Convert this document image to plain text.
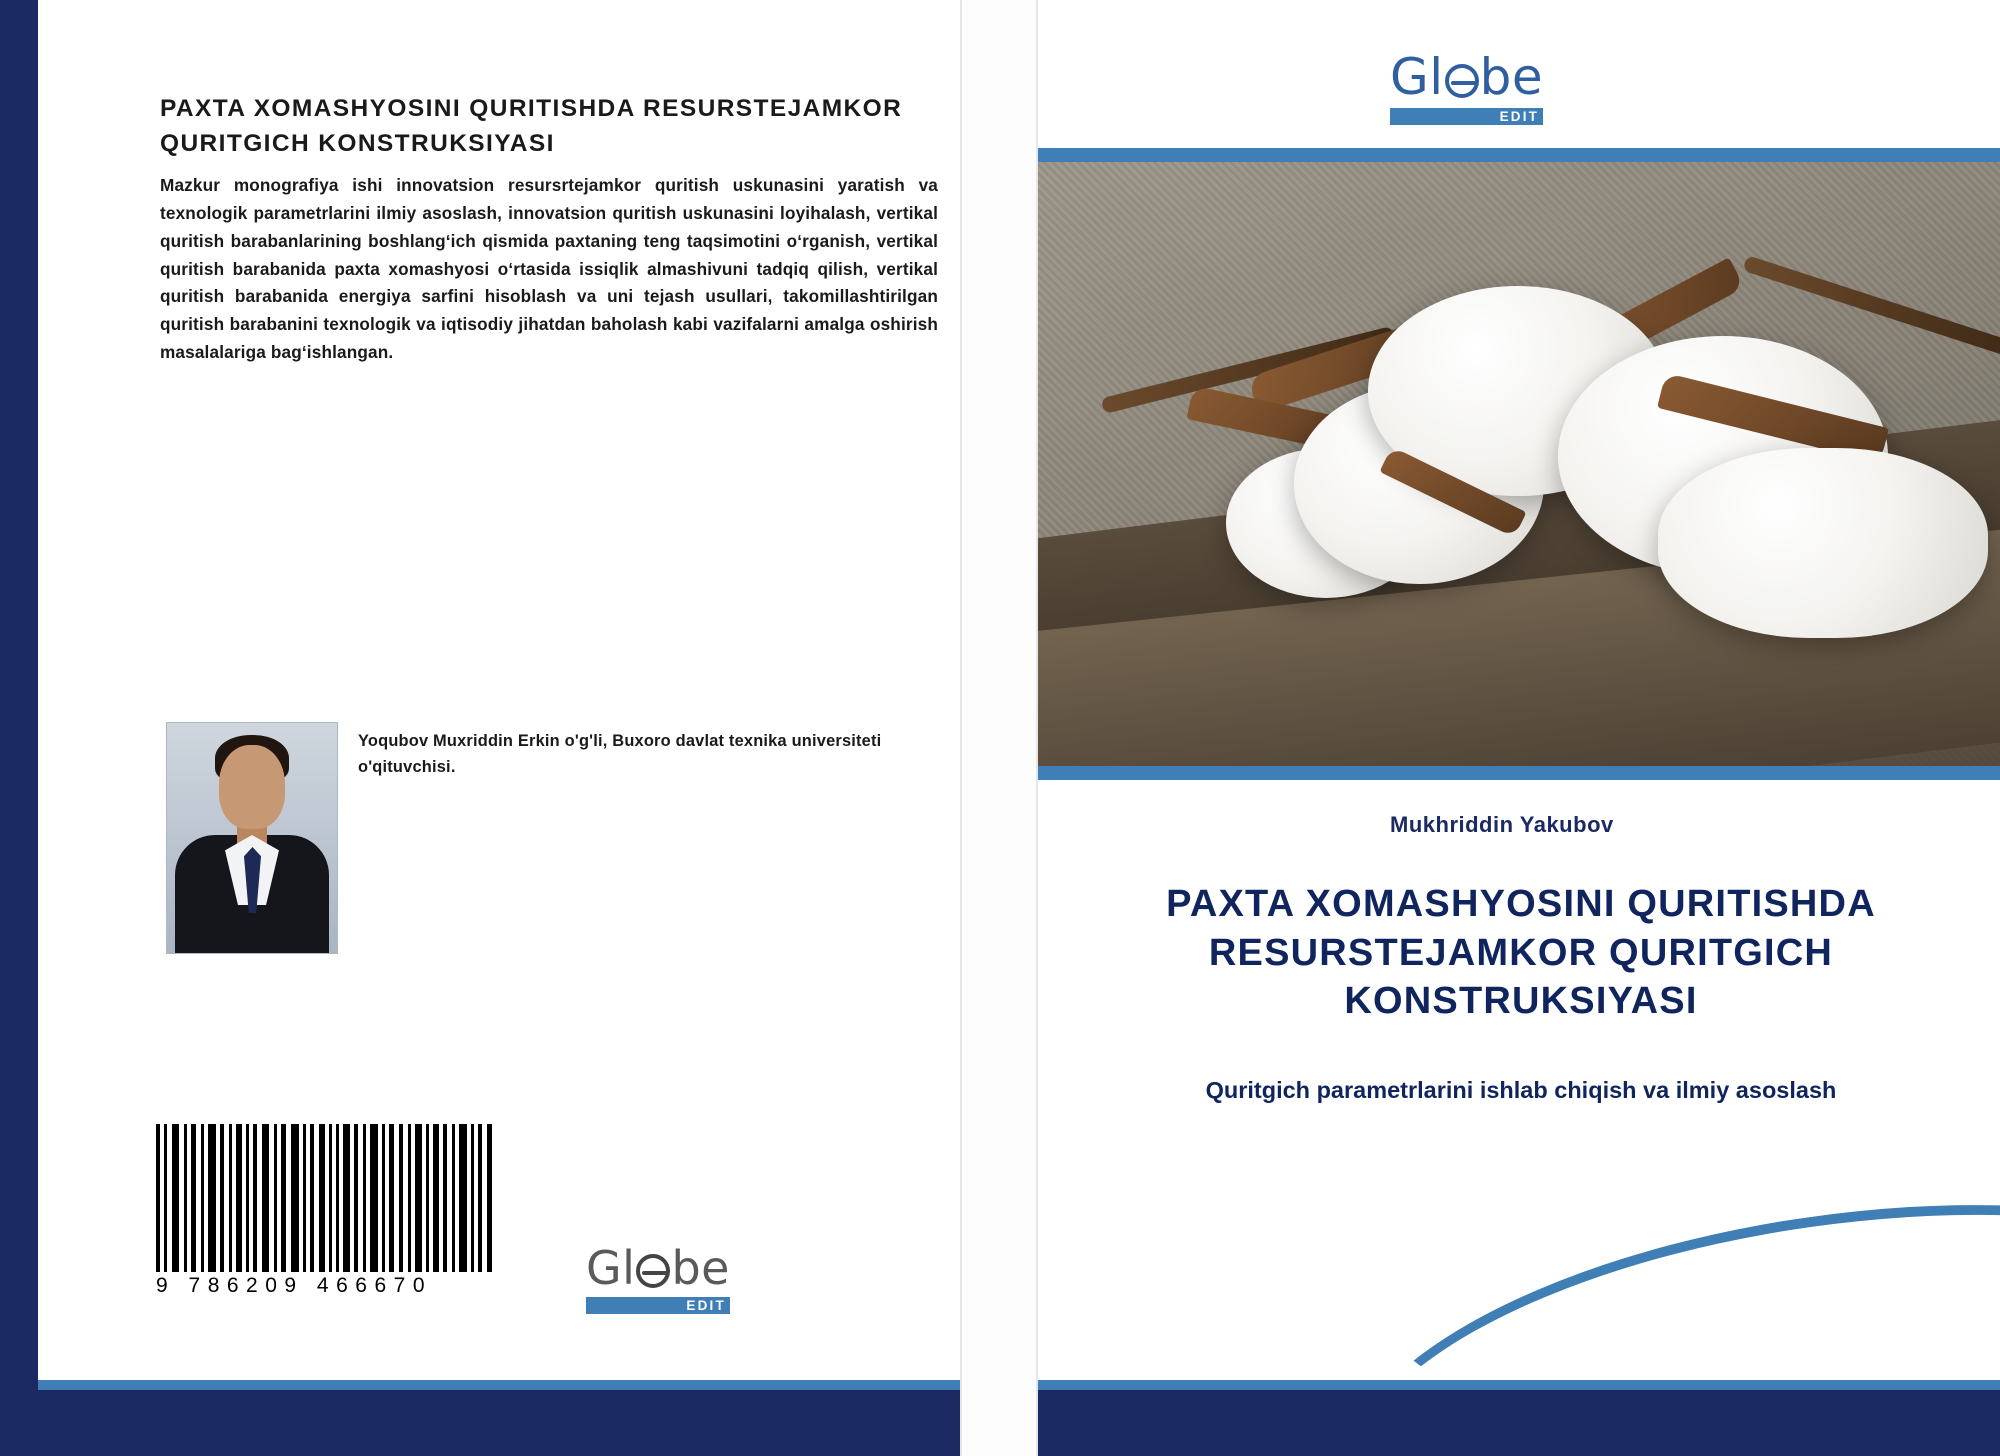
PAXTA XOMASHYOSINI QURITISHDA RESURSTEJAMKOR QURITGICH KONSTRUKSIYASI
Mazkur monografiya ishi innovatsion resursrtejamkor quritish uskunasini yaratish va texnologik parametrlarini ilmiy asoslash, innovatsion quritish uskunasini loyihalash, vertikal quritish barabanlarining boshlangʻich qismida paxtaning teng taqsimotini oʻrganish, vertikal quritish barabanida paxta xomashyosi oʻrtasida issiqlik almashivuni tadqiq qilish, vertikal quritish barabanida energiya sarfini hisoblash va uni tejash usullari, takomillashtirilgan quritish barabanini texnologik va iqtisodiy jihatdan baholash kabi vazifalarni amalga oshirish masalalariga bagʻishlangan.
Yoqubov Muxriddin Erkin o'g'li, Buxoro davlat texnika universiteti o'qituvchisi.
9 786209 466670	Gl be
EDIT
Gl be
EDIT
Mukhriddin Yakubov
PAXTA XOMASHYOSINI QURITISHDA RESURSTEJAMKOR QURITGICH KONSTRUKSIYASI
Quritgich parametrlarini ishlab chiqish va ilmiy asoslash
